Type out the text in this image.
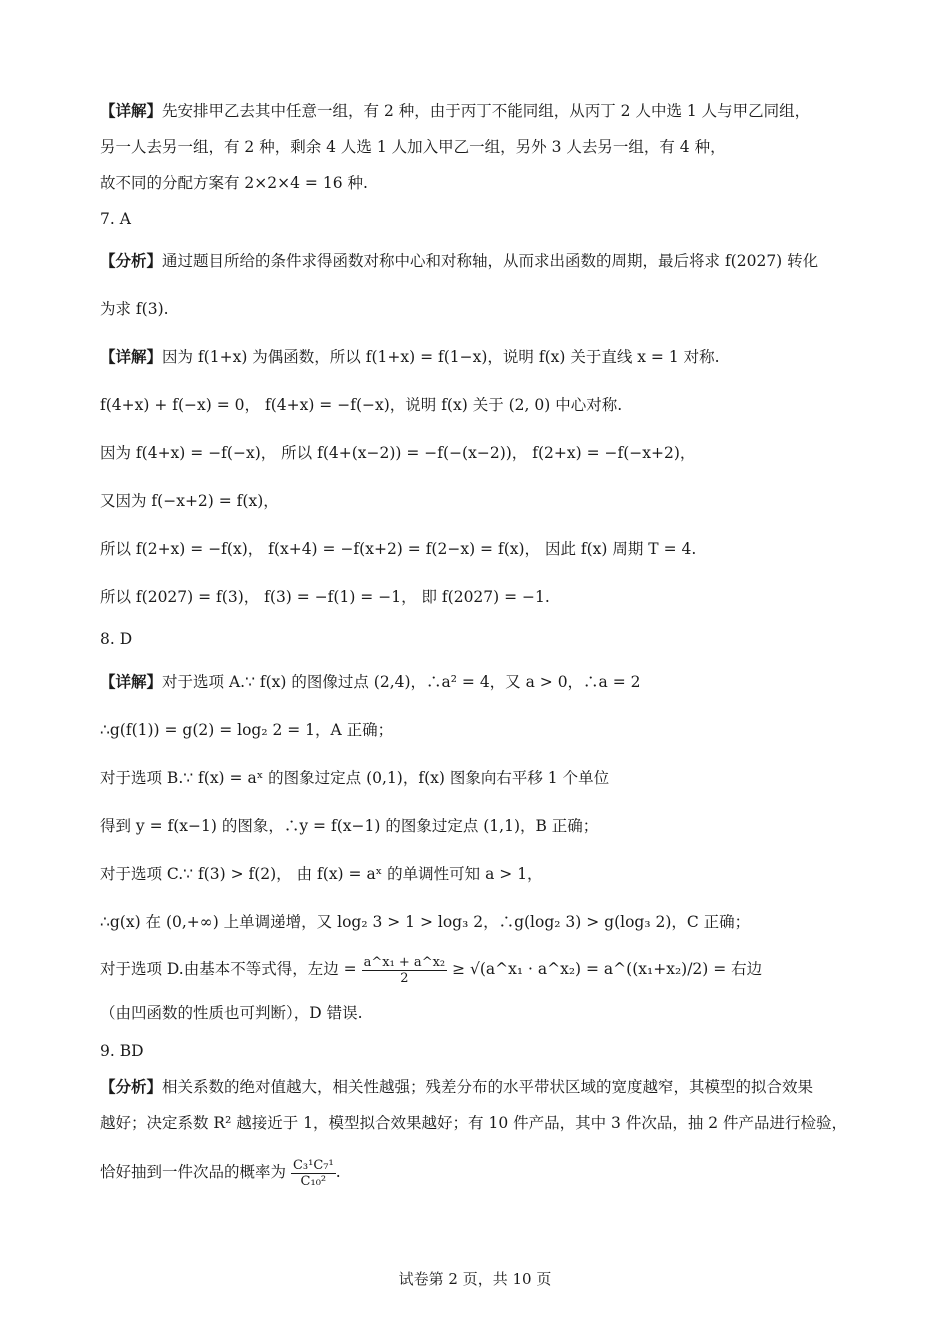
【详解】先安排甲乙去其中任意一组，有 2 种，由于丙丁不能同组，从丙丁 2 人中选 1 人与甲乙同组，
另一人去另一组，有 2 种，剩余 4 人选 1 人加入甲乙一组，另外 3 人去另一组，有 4 种，
故不同的分配方案有 2×2×4 = 16 种.
7. A
【分析】通过题目所给的条件求得函数对称中心和对称轴，从而求出函数的周期，最后将求 f(2027) 转化
为求 f(3).
【详解】因为 f(1+x) 为偶函数，所以 f(1+x) = f(1−x)，说明 f(x) 关于直线 x = 1 对称.
f(4+x) + f(−x) = 0， f(4+x) = −f(−x)，说明 f(x) 关于 (2, 0) 中心对称.
因为 f(4+x) = −f(−x)， 所以 f(4+(x−2)) = −f(−(x−2))， f(2+x) = −f(−x+2)，
又因为 f(−x+2) = f(x)，
所以 f(2+x) = −f(x)， f(x+4) = −f(x+2) = f(2−x) = f(x)， 因此 f(x) 周期 T = 4.
所以 f(2027) = f(3)， f(3) = −f(1) = −1， 即 f(2027) = −1.
8. D
【详解】对于选项 A.∵ f(x) 的图像过点 (2,4)，∴a² = 4，又 a > 0，∴a = 2
∴g(f(1)) = g(2) = log₂ 2 = 1，A 正确；
对于选项 B.∵ f(x) = aˣ 的图象过定点 (0,1)，f(x) 图象向右平移 1 个单位
得到 y = f(x−1) 的图象，∴y = f(x−1) 的图象过定点 (1,1)，B 正确；
对于选项 C.∵ f(3) > f(2)， 由 f(x) = aˣ 的单调性可知 a > 1，
∴g(x) 在 (0,+∞) 上单调递增，又 log₂ 3 > 1 > log₃ 2，∴g(log₂ 3) > g(log₃ 2)，C 正确；
对于选项 D.由基本不等式得，左边 = $\frac{\text{a\textasciicircum{}x₁ + a\textasciicircum{}x₂}}{2}$ ≥ √(a^x₁ · a^x₂) = a^((x₁+x₂)/2) = 右边
（由凹函数的性质也可判断），D 错误.
9. BD
【分析】相关系数的绝对值越大，相关性越强；残差分布的水平带状区域的宽度越窄，其模型的拟合效果
越好；决定系数 R² 越接近于 1，模型拟合效果越好；有 10 件产品，其中 3 件次品，抽 2 件产品进行检验，
恰好抽到一件次品的概率为 $\frac{\text{C₃¹C₇¹}}{\text{C₁₀²}}$ .
试卷第 2 页，共 10 页
